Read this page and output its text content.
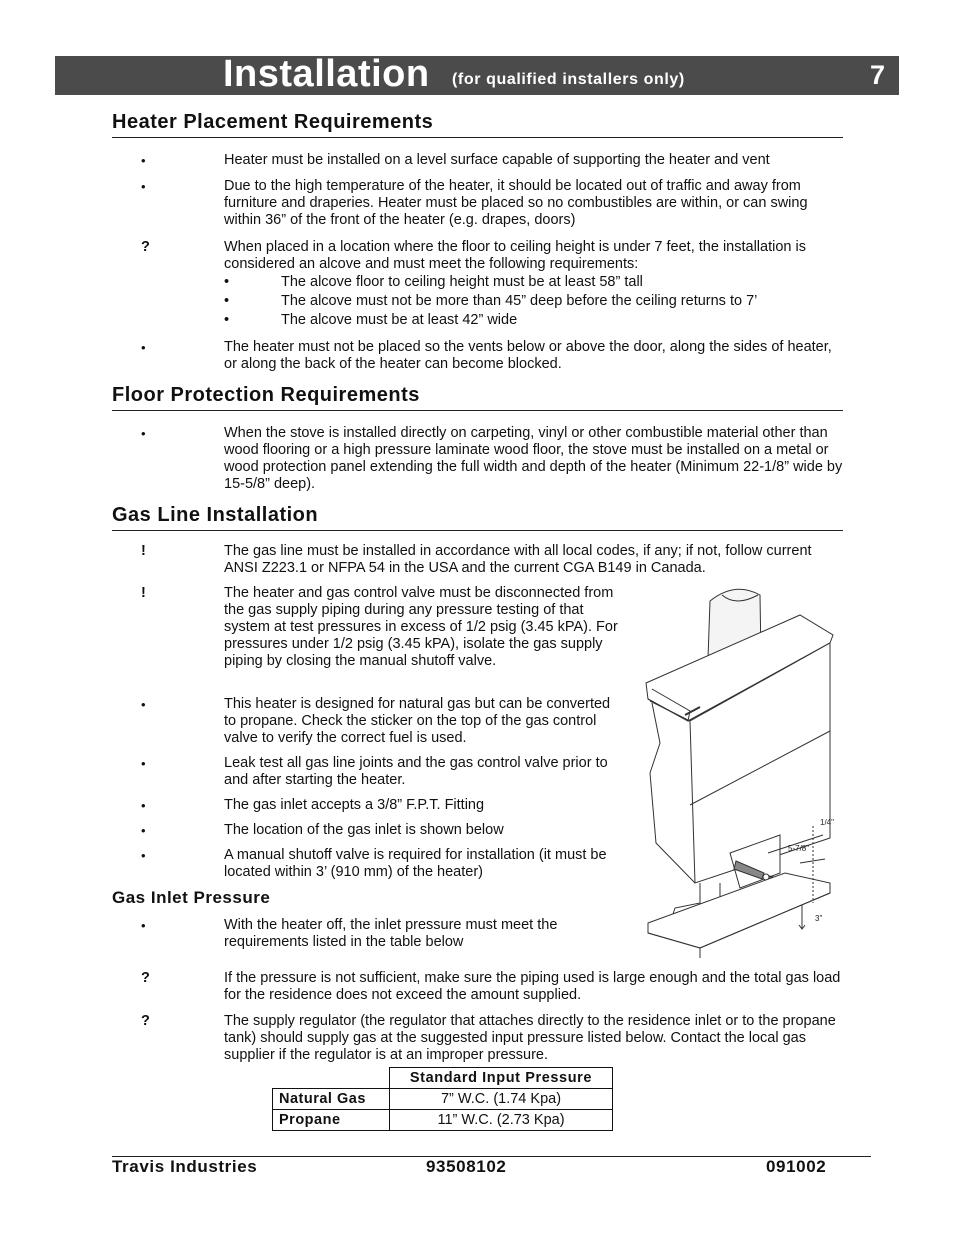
Installation (for qualified installers only)	7
Heater Placement Requirements
•	Heater must be installed on a level surface capable of supporting the heater and vent
•	Due to the high temperature of the heater, it should be located out of traffic and away from furniture and draperies. Heater must be placed so no combustibles are within, or can swing within 36” of the front of the heater (e.g. drapes, doors)
?	When placed in a location where the floor to ceiling height is under 7 feet, the installation is considered an alcove and must meet the following requirements:
•	The alcove floor to ceiling height must be at least 58” tall
•	The alcove must not be more than 45” deep before the ceiling returns to 7’
•	The alcove must be at least 42” wide
•	The heater must not be placed so the vents below or above the door, along the sides of heater, or along the back of the heater can become blocked.
Floor Protection Requirements
•	When the stove is installed directly on carpeting, vinyl or other combustible material other than wood flooring or a high pressure laminate wood floor, the stove must be installed on a metal or wood protection panel extending the full width and depth of the heater (Minimum 22-1/8” wide by 15-5/8” deep).
Gas Line Installation
!	The gas line must be installed in accordance with all local codes, if any; if not, follow current ANSI Z223.1 or NFPA 54 in the USA and the current CGA B149 in Canada.
!	The heater and gas control valve must be disconnected from the gas supply piping during any pressure testing of that system at test pressures in excess of 1/2 psig (3.45 kPA). For pressures under 1/2 psig (3.45 kPA), isolate the gas supply piping by closing the manual shutoff valve.
•	This heater is designed for natural gas but can be converted to propane. Check the sticker on the top of the gas control valve to verify the correct fuel is used.
•	Leak test all gas line joints and the gas control valve prior to and after starting the heater.
•	The gas inlet accepts a 3/8” F.P.T. Fitting
•	The location of the gas inlet is shown below
•	A manual shutoff valve is required for installation (it must be located within 3’ (910 mm) of the heater)
Gas Inlet Pressure
•	With the heater off, the inlet pressure must meet the requirements listed in the table below
?	If the pressure is not sufficient, make sure the piping used is large enough and the total gas load for the residence does not exceed the amount supplied.
?	The supply regulator (the regulator that attaches directly to the residence inlet or to the propane tank) should supply gas at the suggested input pressure listed below. Contact the local gas supplier if the regulator is at an improper pressure.
1/4"
5-7/8"
3"
	Standard Input Pressure
Natural Gas	7” W.C. (1.74 Kpa)
Propane	11” W.C. (2.73 Kpa)
Travis Industries	93508102	091002
